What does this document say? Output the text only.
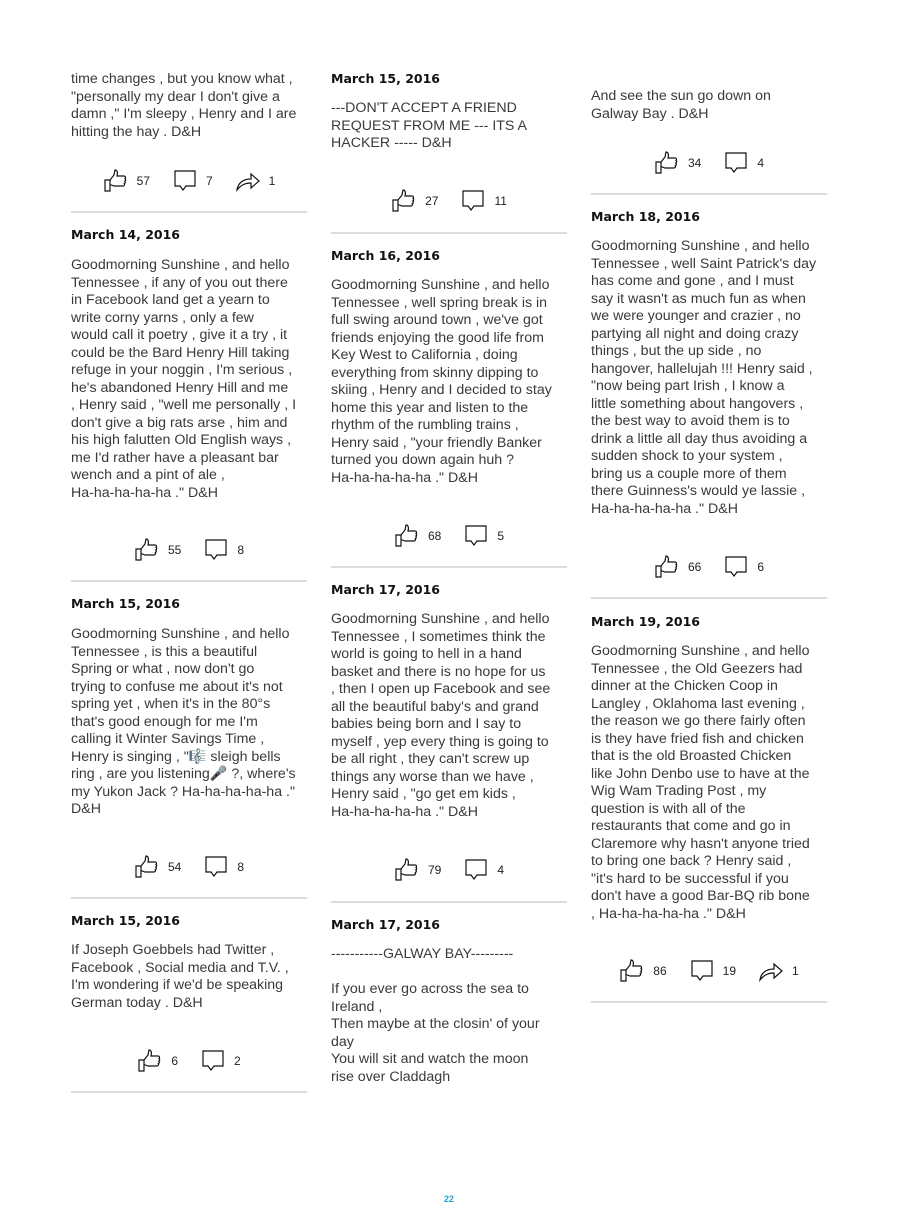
22
time changes , but you know what ,
"personally my dear I don't give a
damn ," I'm sleepy , Henry and I are
hitting the hay . D&H
57	7	1
March 14, 2016
Goodmorning Sunshine , and hello
Tennessee , if any of you out there
in Facebook land get a yearn to
write corny yarns , only a few
would call it poetry , give it a try , it
could be the Bard Henry Hill taking
refuge in your noggin , I'm serious ,
he's abandoned Henry Hill and me
, Henry said , "well me personally , I
don't give a big rats arse , him and
his high falutten Old English ways ,
me I'd rather have a pleasant bar
wench and a pint of ale ,
Ha-ha-ha-ha-ha ." D&H
55	8
March 15, 2016
Goodmorning Sunshine , and hello
Tennessee , is this a beautiful
Spring or what , now don't go
trying to confuse me about it's not
spring yet , when it's in the 80°s
that's good enough for me I'm
calling it Winter Savings Time ,
Henry is singing , "🎼 sleigh bells
ring , are you listening🎤 ?, where's
my Yukon Jack ? Ha-ha-ha-ha-ha ."
D&H
54	8
March 15, 2016
If Joseph Goebbels had Twitter ,
Facebook , Social media and T.V. ,
I'm wondering if we'd be speaking
German today . D&H
6	2
March 15, 2016
---DON'T ACCEPT A FRIEND
REQUEST FROM ME --- ITS A
HACKER ----- D&H
27	11
March 16, 2016
Goodmorning Sunshine , and hello
Tennessee , well spring break is in
full swing around town , we've got
friends enjoying the good life from
Key West to California , doing
everything from skinny dipping to
skiing , Henry and I decided to stay
home this year and listen to the
rhythm of the rumbling trains ,
Henry said , "your friendly Banker
turned you down again huh ?
Ha-ha-ha-ha-ha ." D&H
68	5
March 17, 2016
Goodmorning Sunshine , and hello
Tennessee , I sometimes think the
world is going to hell in a hand
basket and there is no hope for us
, then I open up Facebook and see
all the beautiful baby's and grand
babies being born and I say to
myself , yep every thing is going to
be all right , they can't screw up
things any worse than we have ,
Henry said , "go get em kids ,
Ha-ha-ha-ha-ha ." D&H
79	4
March 17, 2016
-----------GALWAY BAY---------

If you ever go across the sea to
Ireland ,
Then maybe at the closin' of your
day
You will sit and watch the moon
rise over Claddagh
And see the sun go down on
Galway Bay . D&H
34	4
March 18, 2016
Goodmorning Sunshine , and hello
Tennessee , well Saint Patrick's day
has come and gone , and I must
say it wasn't as much fun as when
we were younger and crazier , no
partying all night and doing crazy
things , but the up side , no
hangover, hallelujah !!! Henry said ,
"now being part Irish , I know a
little something about hangovers ,
the best way to avoid them is to
drink a little all day thus avoiding a
sudden shock to your system ,
bring us a couple more of them
there Guinness's would ye lassie ,
Ha-ha-ha-ha-ha ." D&H
66	6
March 19, 2016
Goodmorning Sunshine , and hello
Tennessee , the Old Geezers had
dinner at the Chicken Coop in
Langley , Oklahoma last evening ,
the reason we go there fairly often
is they have fried fish and chicken
that is the old Broasted Chicken
like John Denbo use to have at the
Wig Wam Trading Post , my
question is with all of the
restaurants that come and go in
Claremore why hasn't anyone tried
to bring one back ? Henry said ,
"it's hard to be successful if you
don't have a good Bar-BQ rib bone
, Ha-ha-ha-ha-ha ." D&H
86	19	1
